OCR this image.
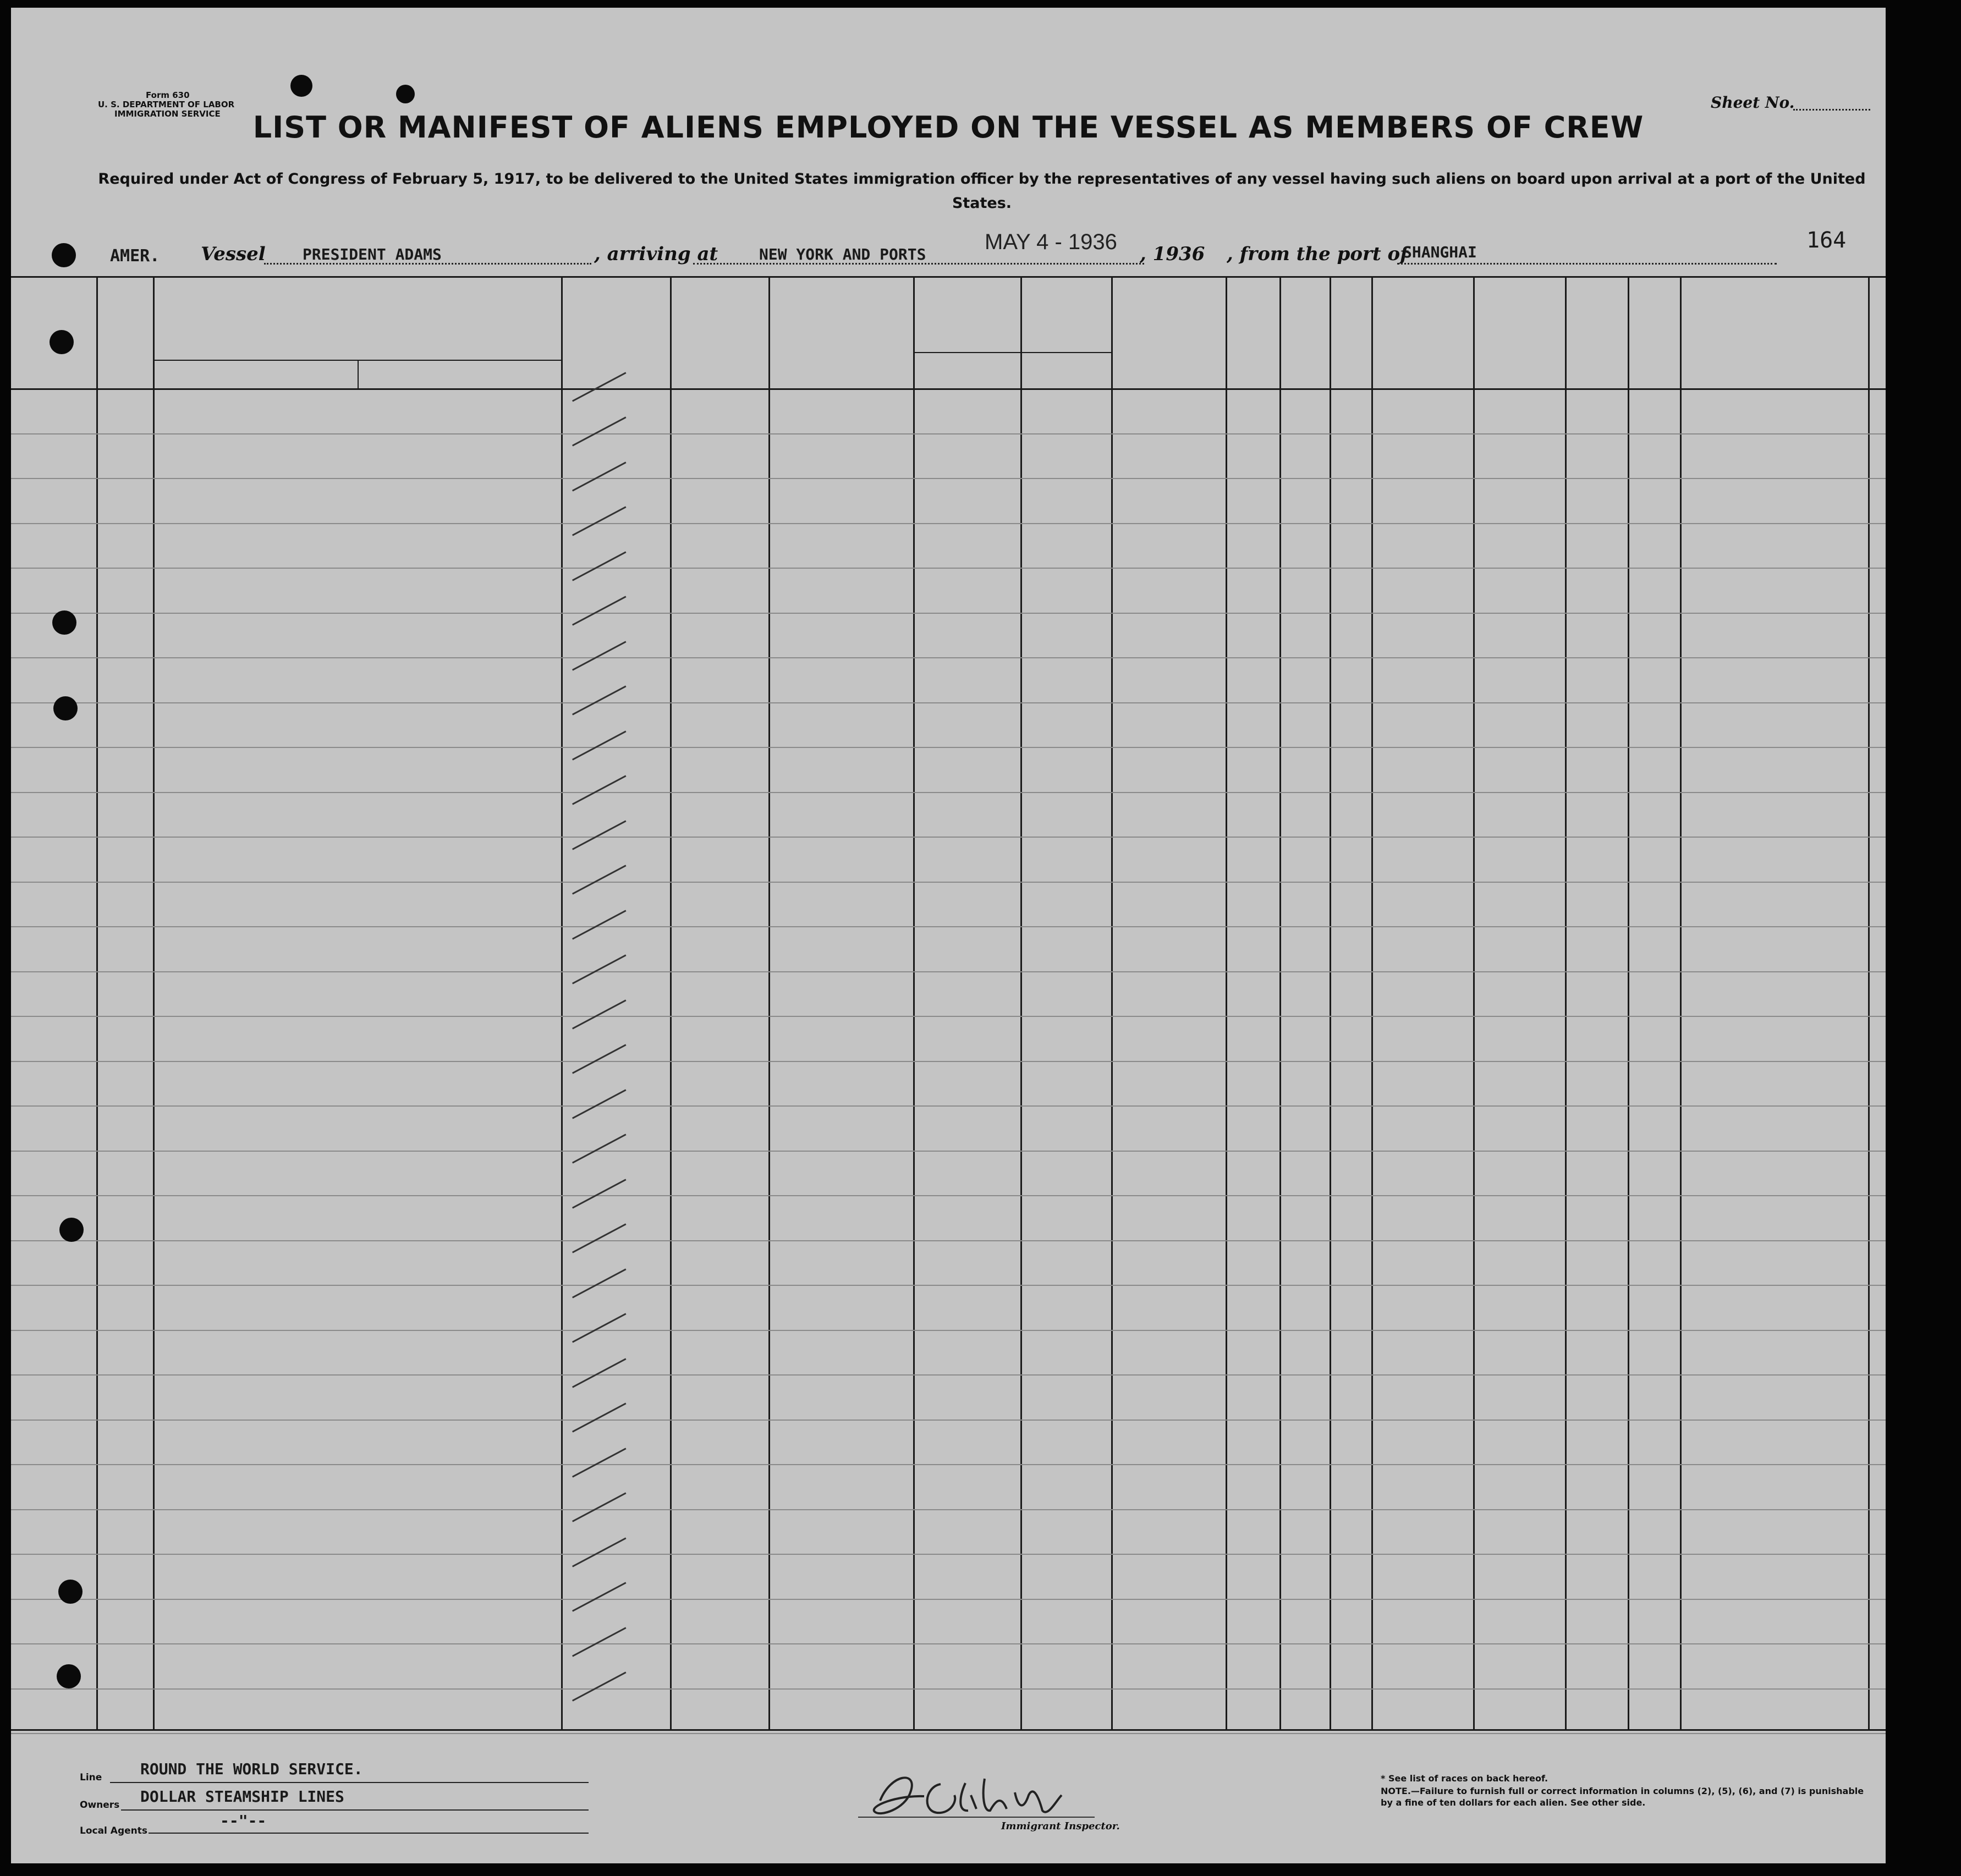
Form 630
U. S. DEPARTMENT OF LABOR
IMMIGRATION SERVICE
Sheet No.
LIST OR MANIFEST OF ALIENS EMPLOYED ON THE VESSEL AS MEMBERS OF CREW
Required under Act of Congress of February 5, 1917, to be delivered to the United States immigration officer by the representatives of any vessel having such aliens on board upon arrival at a port of the United States.
AMER. Vessel PRESIDENT ADAMS	, arriving at	NEW YORK AND PORTS
MAY 4 - 1936 , 1936 , from the port of
SHANGHAI	164
Line ROUND THE WORLD SERVICE.
Owners DOLLAR STEAMSHIP LINES
Local Agents
--"--	Immigrant Inspector.
* See list of races on back hereof.
NOTE.—Failure to furnish full or correct information in columns (2), (5), (6), and (7) is punishable by a fine of ten dollars for each alien. See other side.
